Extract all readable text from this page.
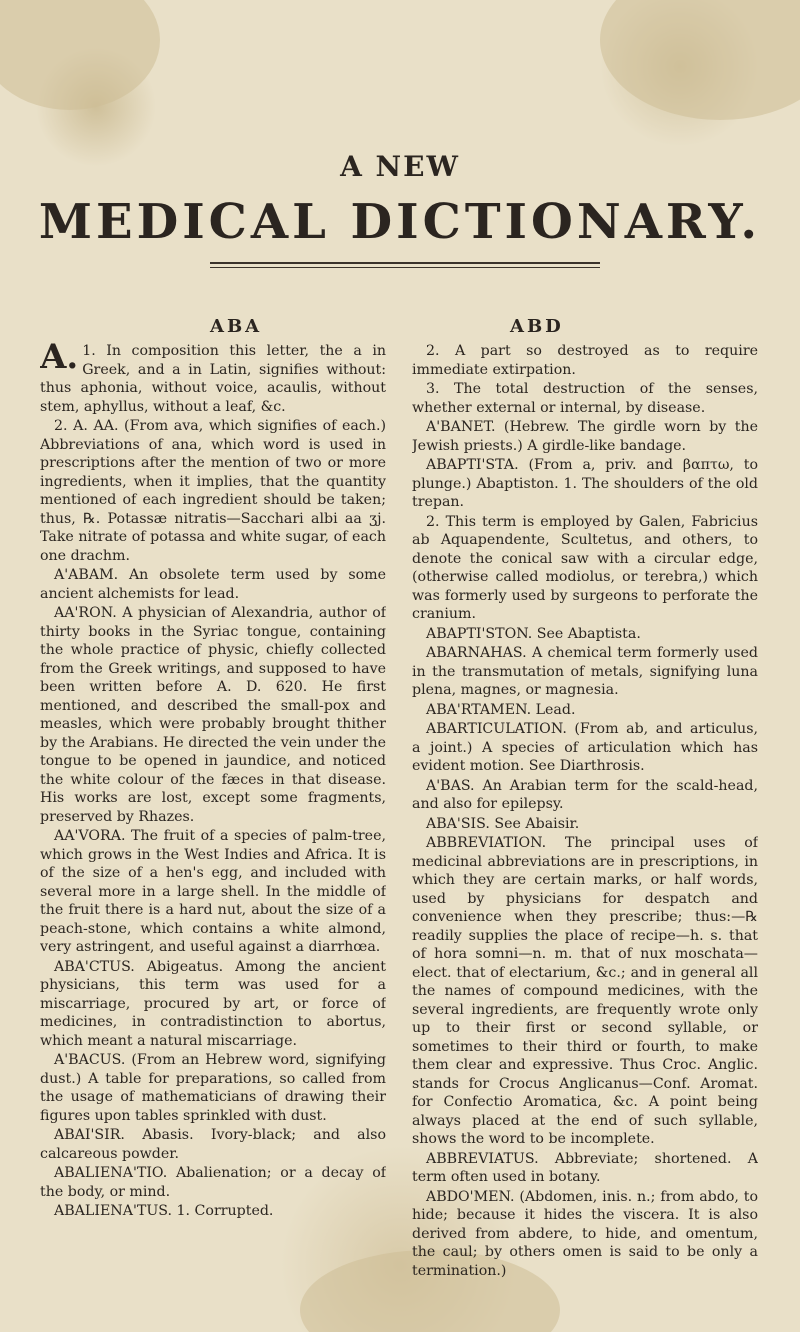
A NEW
MEDICAL DICTIONARY.
ABA	ABD

A. 1. In composition this letter, the a in Greek, and a in Latin, signifies without: thus aphonia, without voice, acaulis, without stem, aphyllus, without a leaf, &c.

2. A. AA. (From ava, which signifies of each.) Abbreviations of ana, which word is used in prescriptions after the mention of two or more ingredients, when it implies, that the quantity mentioned of each ingredient should be taken; thus, ℞. Potassæ nitratis—Sacchari albi aa ʒj. Take nitrate of potassa and white sugar, of each one drachm.

A'ABAM. An obsolete term used by some ancient alchemists for lead.

AA'RON. A physician of Alexandria, author of thirty books in the Syriac tongue, containing the whole practice of physic, chiefly collected from the Greek writings, and supposed to have been written before A. D. 620. He first mentioned, and described the small-pox and measles, which were probably brought thither by the Arabians. He directed the vein under the tongue to be opened in jaundice, and noticed the white colour of the fæces in that disease. His works are lost, except some fragments, preserved by Rhazes.

AA'VORA. The fruit of a species of palm-tree, which grows in the West Indies and Africa. It is of the size of a hen's egg, and included with several more in a large shell. In the middle of the fruit there is a hard nut, about the size of a peach-stone, which contains a white almond, very astringent, and useful against a diarrhœa.

ABA'CTUS. Abigeatus. Among the ancient physicians, this term was used for a miscarriage, procured by art, or force of medicines, in contradistinction to abortus, which meant a natural miscarriage.

A'BACUS. (From an Hebrew word, signifying dust.) A table for preparations, so called from the usage of mathematicians of drawing their figures upon tables sprinkled with dust.

ABAI'SIR. Abasis. Ivory-black; and also calcareous powder.

ABALIENA'TIO. Abalienation; or a decay of the body, or mind.

ABALIENA'TUS. 1. Corrupted.

2. A part so destroyed as to require immediate extirpation.

3. The total destruction of the senses, whether external or internal, by disease.

A'BANET. (Hebrew. The girdle worn by the Jewish priests.) A girdle-like bandage.

ABAPTI'STA. (From a, priv. and βαπτω, to plunge.) Abaptiston. 1. The shoulders of the old trepan.

2. This term is employed by Galen, Fabricius ab Aquapendente, Scultetus, and others, to denote the conical saw with a circular edge, (otherwise called modiolus, or terebra,) which was formerly used by surgeons to perforate the cranium.

ABAPTI'STON. See Abaptista.

ABARNAHAS. A chemical term formerly used in the transmutation of metals, signifying luna plena, magnes, or magnesia.

ABA'RTAMEN. Lead.

ABARTICULATION. (From ab, and articulus, a joint.) A species of articulation which has evident motion. See Diarthrosis.

A'BAS. An Arabian term for the scald-head, and also for epilepsy.

ABA'SIS. See Abaisir.

ABBREVIATION. The principal uses of medicinal abbreviations are in prescriptions, in which they are certain marks, or half words, used by physicians for despatch and convenience when they prescribe; thus:—℞ readily supplies the place of recipe—h. s. that of hora somni—n. m. that of nux moschata—elect. that of electarium, &c.; and in general all the names of compound medicines, with the several ingredients, are frequently wrote only up to their first or second syllable, or sometimes to their third or fourth, to make them clear and expressive. Thus Croc. Anglic. stands for Crocus Anglicanus—Conf. Aromat. for Confectio Aromatica, &c. A point being always placed at the end of such syllable, shows the word to be incomplete.

ABBREVIATUS. Abbreviate; shortened. A term often used in botany.

ABDO'MEN. (Abdomen, inis. n.; from abdo, to hide; because it hides the viscera. It is also derived from abdere, to hide, and omentum, the caul; by others omen is said to be only a termination.)
